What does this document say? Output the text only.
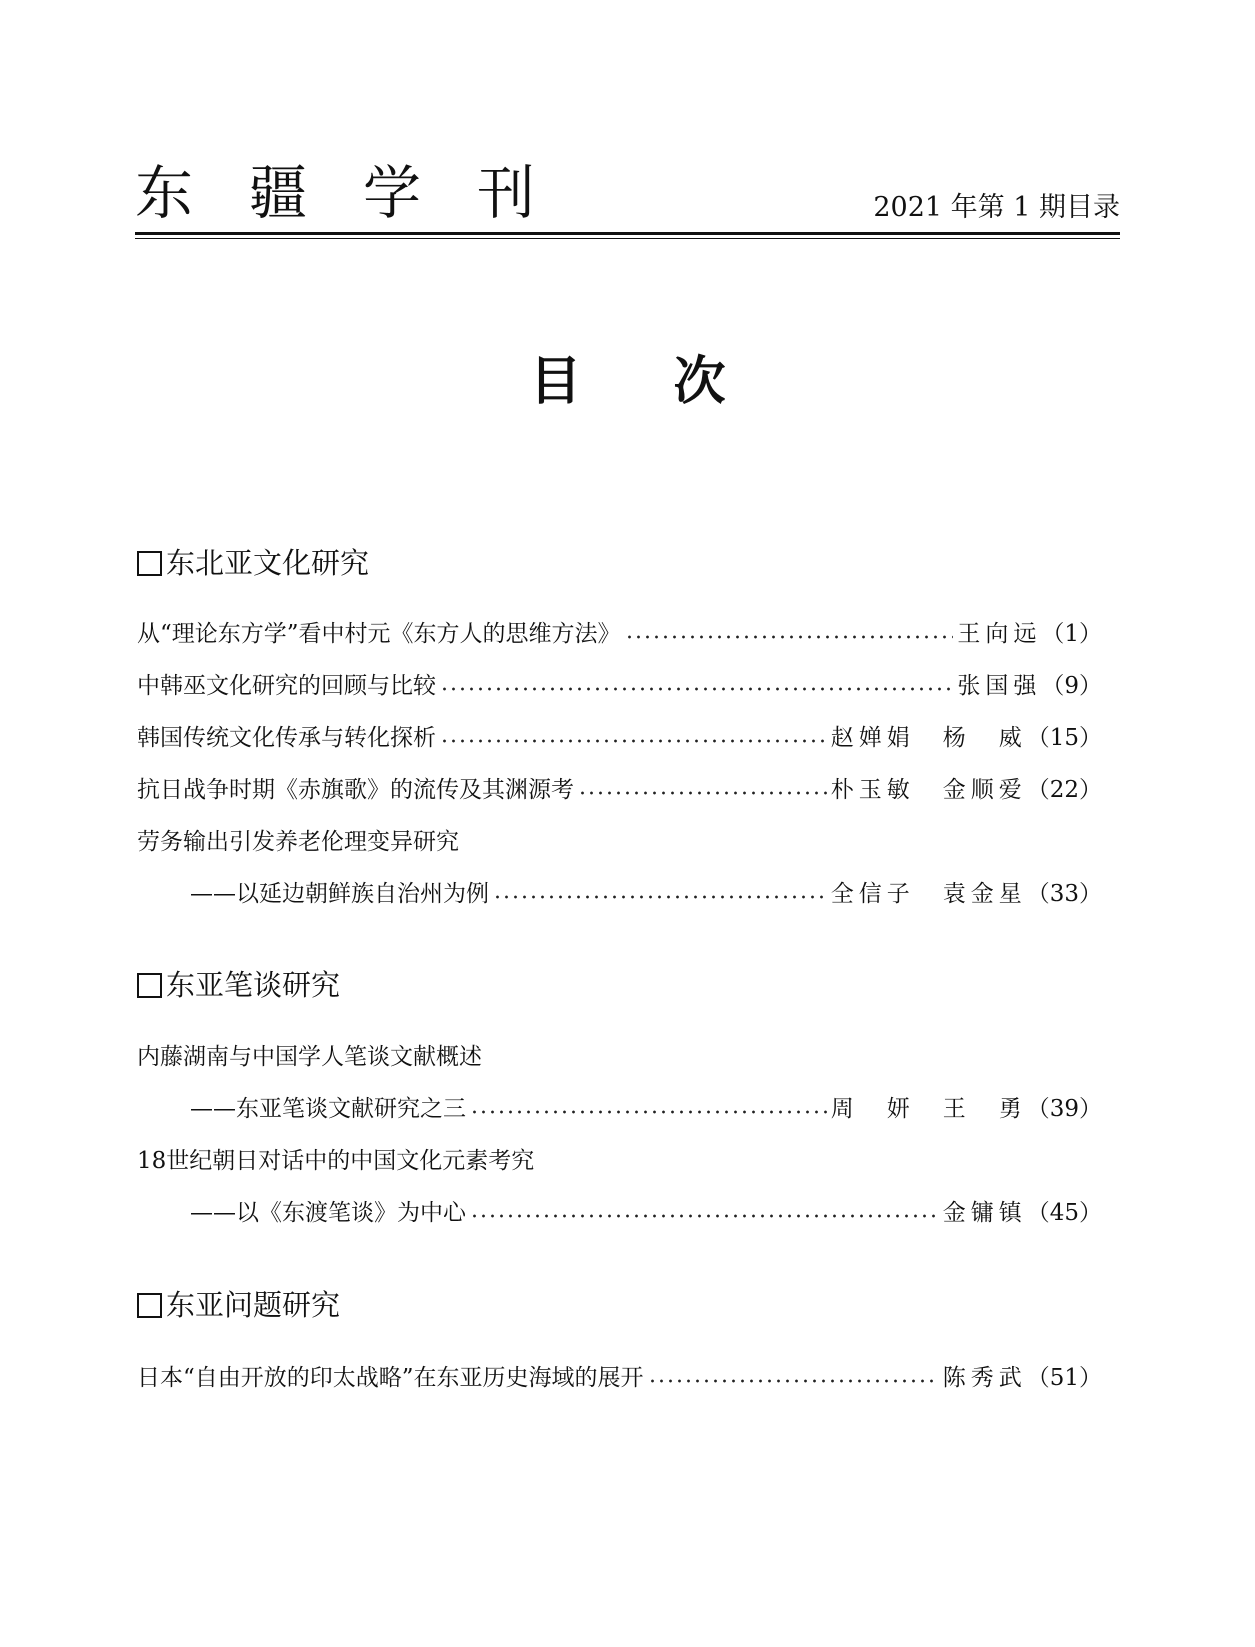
东疆学刊	2021 年第 1 期目录
目 次
东北亚文化研究
从“理论东方学”看中村元《东方人的思维方法》	王向远 （1）
中韩巫文化研究的回顾与比较	张国强 （9）
韩国传统文化传承与转化探析	赵婵娟　杨　威 （15）
抗日战争时期《赤旗歌》的流传及其渊源考	朴玉敏　金顺爱 （22）
劳务输出引发养老伦理变异研究
——以延边朝鲜族自治州为例	全信子　袁金星 （33）
东亚笔谈研究
内藤湖南与中国学人笔谈文献概述
——东亚笔谈文献研究之三	周　妍　王　勇 （39）
18世纪朝日对话中的中国文化元素考究
——以《东渡笔谈》为中心	金镛镇 （45）
东亚问题研究
日本“自由开放的印太战略”在东亚历史海域的展开	陈秀武 （51）
